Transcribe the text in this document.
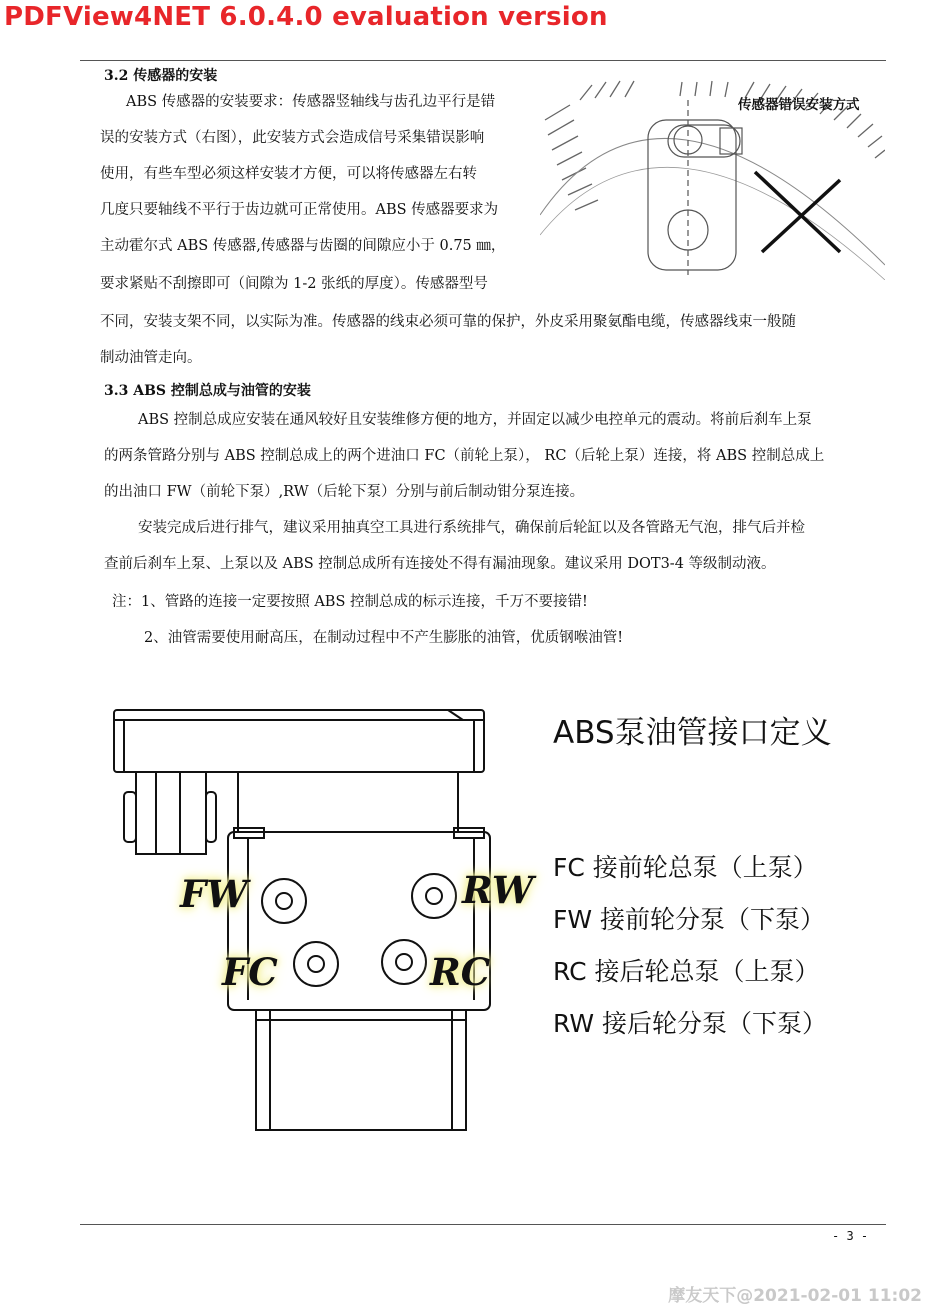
PDFView4NET 6.0.4.0 evaluation version
3.2 传感器的安装
ABS 传感器的安装要求：传感器竖轴线与齿孔边平行是错
误的安装方式（右图），此安装方式会造成信号采集错误影响
使用，有些车型必须这样安装才方便，可以将传感器左右转
几度只要轴线不平行于齿边就可正常使用。ABS 传感器要求为
主动霍尔式 ABS 传感器,传感器与齿圈的间隙应小于 0.75 ㎜，
要求紧贴不刮擦即可（间隙为 1-2 张纸的厚度）。传感器型号
不同，安装支架不同，以实际为准。传感器的线束必须可靠的保护，外皮采用聚氨酯电缆，传感器线束一般随
制动油管走向。
传感器错误安装方式
3.3 ABS 控制总成与油管的安装
ABS 控制总成应安装在通风较好且安装维修方便的地方，并固定以减少电控单元的震动。将前后刹车上泵
的两条管路分别与 ABS 控制总成上的两个进油口 FC（前轮上泵）， RC（后轮上泵）连接，将 ABS 控制总成上
的出油口 FW（前轮下泵）,RW（后轮下泵）分别与前后制动钳分泵连接。
安装完成后进行排气，建议采用抽真空工具进行系统排气，确保前后轮缸以及各管路无气泡，排气后并检
查前后刹车上泵、上泵以及 ABS 控制总成所有连接处不得有漏油现象。建议采用 DOT3-4 等级制动液。
注：1、管路的连接一定要按照 ABS 控制总成的标示连接，千万不要接错!
2、油管需要使用耐高压，在制动过程中不产生膨胀的油管，优质钢喉油管!
FW	RW
FC	RC
ABS泵油管接口定义
FC 接前轮总泵（上泵）
FW 接前轮分泵（下泵）
RC 接后轮总泵（上泵）
RW 接后轮分泵（下泵）
- 3 -
摩友天下@2021-02-01 11:02
